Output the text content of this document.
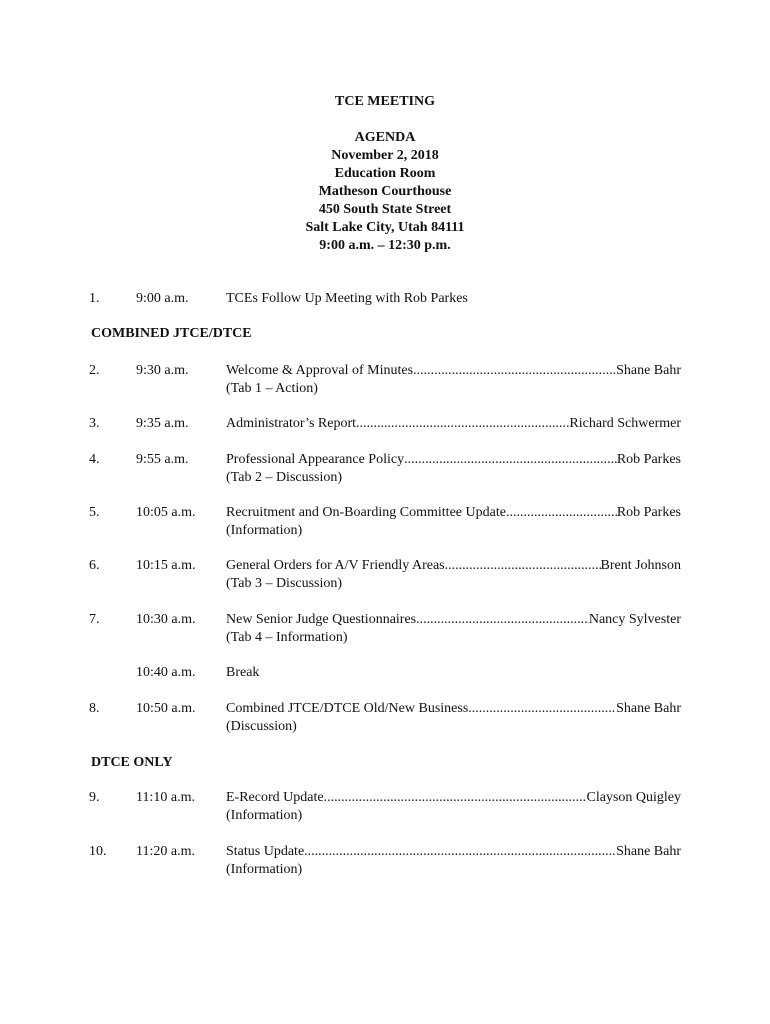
TCE MEETING
AGENDA
November 2, 2018
Education Room
Matheson Courthouse
450 South State Street
Salt Lake City, Utah 84111
9:00 a.m. – 12:30 p.m.
1.	9:00 a.m.	TCEs Follow Up Meeting with Rob Parkes
COMBINED JTCE/DTCE
2.	9:30 a.m.	Welcome & Approval of Minutes .....	Shane Bahr
(Tab 1 – Action)
3.	9:35 a.m.	Administrator’s Report .....	Richard Schwermer
4.	9:55 a.m.	Professional Appearance Policy .....	Rob Parkes
(Tab 2 – Discussion)
5.	10:05 a.m. Recruitment and On-Boarding Committee Update .....	Rob Parkes
(Information)
6.	10:15 a.m. General Orders for A/V Friendly Areas .....	Brent Johnson
(Tab 3 – Discussion)
7.	10:30 a.m. New Senior Judge Questionnaires .....	Nancy Sylvester
(Tab 4 – Information)
10:40 a.m. Break
8.	10:50 a.m. Combined JTCE/DTCE Old/New Business .....	Shane Bahr
(Discussion)
DTCE ONLY
9.	11:10 a.m. E-Record Update .....	Clayson Quigley
(Information)
10. 11:20 a.m. Status Update .....	Shane Bahr
(Information)
